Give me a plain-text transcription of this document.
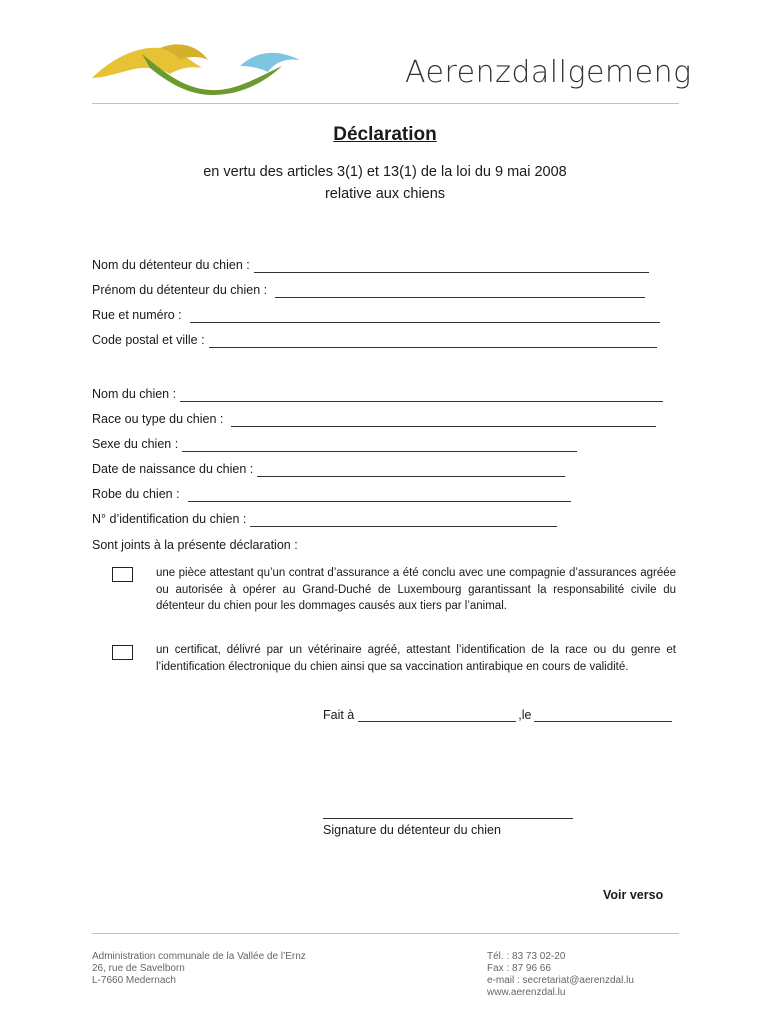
Aerenzdallgemeng
Déclaration
en vertu des articles 3(1) et 13(1) de la loi du 9 mai 2008
relative aux chiens
Nom du détenteur du chien :
Prénom du détenteur du chien :
Rue et numéro :
Code postal et ville :
Nom du chien :
Race ou type du chien :
Sexe du chien :
Date de naissance du chien :
Robe du chien :
N° d’identification du chien :
Sont joints à la présente déclaration :
une pièce attestant qu’un contrat d’assurance a été conclu avec une compagnie d’assurances agréée ou autorisée à opérer au Grand-Duché de Luxembourg garantissant la responsabilité civile du détenteur du chien pour les dommages causés aux tiers par l’animal.
un certificat, délivré par un vétérinaire agréé, attestant l’identification de la race ou du genre et l’identification électronique du chien ainsi que sa vaccination antirabique en cours de validité.
Fait à	,le
Signature du détenteur du chien
Voir verso
Administration communale de la Vallée de l’Ernz
26, rue de Savelborn
L-7660 Medernach
Tél. : 83 73 02-20
Fax : 87 96 66
e-mail : secretariat@aerenzdal.lu
www.aerenzdal.lu
